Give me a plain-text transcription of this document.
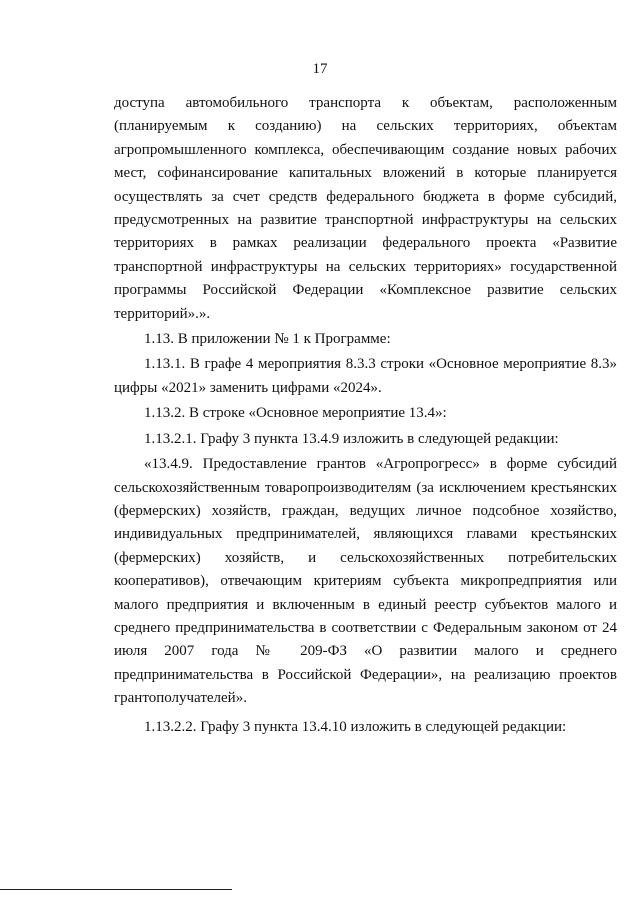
17

доступа автомобильного транспорта к объектам, расположенным (планируемым к созданию) на сельских территориях, объектам агропромышленного комплекса, обеспечивающим создание новых рабочих мест, софинансирование капитальных вложений в которые планируется осуществлять за счет средств федерального бюджета в форме субсидий, предусмотренных на развитие транспортной инфраструктуры на сельских территориях в рамках реализации федерального проекта «Развитие транспортной инфраструктуры на сельских территориях» государственной программы Российской Федерации «Комплексное развитие сельских территорий».».

1.13. В приложении № 1 к Программе:

1.13.1. В графе 4 мероприятия 8.3.3 строки «Основное мероприятие 8.3» цифры «2021» заменить цифрами «2024».

1.13.2. В строке «Основное мероприятие 13.4»:

1.13.2.1. Графу 3 пункта 13.4.9 изложить в следующей редакции:

«13.4.9. Предоставление грантов «Агропрогресс» в форме субсидий сельскохозяйственным товаропроизводителям (за исключением крестьянских (фермерских) хозяйств, граждан, ведущих личное подсобное хозяйство, индивидуальных предпринимателей, являющихся главами крестьянских (фермерских) хозяйств, и сельскохозяйственных потребительских кооперативов), отвечающим критериям субъекта микропредприятия или малого предприятия и включенным в единый реестр субъектов малого и среднего предпринимательства в соответствии с Федеральным законом от 24 июля 2007 года № 209-ФЗ «О развитии малого и среднего предпринимательства в Российской Федерации», на реализацию проектов грантополучателей».

1.13.2.2. Графу 3 пункта 13.4.10 изложить в следующей редакции:
